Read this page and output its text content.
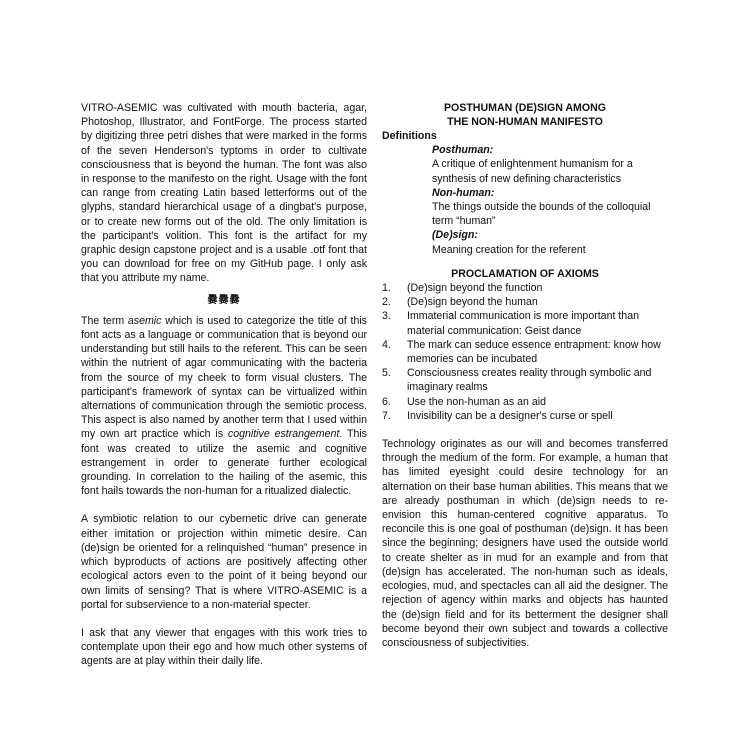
VITRO-ASEMIC was cultivated with mouth bacteria, agar, Photoshop, Illustrator, and FontForge. The process started by digitizing three petri dishes that were marked in the forms of the seven Henderson's typtoms in order to cultivate consciousness that is beyond the human. The font was also in response to the manifesto on the right. Usage with the font can range from creating Latin based letterforms out of the glyphs, standard hierarchical usage of a dingbat's purpose, or to create new forms out of the old. The only limitation is the participant's volition. This font is the artifact for my graphic design capstone project and is a usable .otf font that you can download for free on my GitHub page. I only ask that you attribute my name.

爨爨爨

The term asemic which is used to categorize the title of this font acts as a language or communication that is beyond our understanding but still hails to the referent. This can be seen within the nutrient of agar communicating with the bacteria from the source of my cheek to form visual clusters. The participant's framework of syntax can be virtualized within alternations of communication through the semiotic process. This aspect is also named by another term that I used within my own art practice which is cognitive estrangement. This font was created to utilize the asemic and cognitive estrangement in order to generate further ecological grounding. In correlation to the hailing of the asemic, this font hails towards the non-human for a ritualized dialectic.

A symbiotic relation to our cybernetic drive can generate either imitation or projection within mimetic desire. Can (de)sign be oriented for a relinquished “human” presence in which byproducts of actions are positively affecting other ecological actors even to the point of it being beyond our own limits of sensing? That is where VITRO-ASEMIC is a portal for subservience to a non-material specter.

I ask that any viewer that engages with this work tries to contemplate upon their ego and how much other systems of agents are at play within their daily life.

POSTHUMAN (DE)SIGN AMONG

THE NON-HUMAN MANIFESTO

Definitions

Posthuman:

A critique of enlightenment humanism for a synthesis of new defining characteristics

Non-human:

The things outside the bounds of the colloquial term “human”

(De)sign:

Meaning creation for the referent

PROCLAMATION OF AXIOMS

1.	(De)sign beyond the function
2.	(De)sign beyond the human
3.	Immaterial communication is more important than material communication: Geist dance
4.	The mark can seduce essence entrapment: know how memories can be incubated
5.	Consciousness creates reality through symbolic and imaginary realms
6.	Use the non-human as an aid
7.	Invisibility can be a designer's curse or spell

Technology originates as our will and becomes transferred through the medium of the form. For example, a human that has limited eyesight could desire technology for an alternation on their base human abilities. This means that we are already posthuman in which (de)sign needs to re-envision this human-centered cognitive apparatus. To reconcile this is one goal of posthuman (de)sign. It has been since the beginning; designers have used the outside world to create shelter as in mud for an example and from that (de)sign has accelerated. The non-human such as ideals, ecologies, mud, and spectacles can all aid the designer. The rejection of agency within marks and objects has haunted the (de)sign field and for its betterment the designer shall become beyond their own subject and towards a collective consciousness of subjectivities.
